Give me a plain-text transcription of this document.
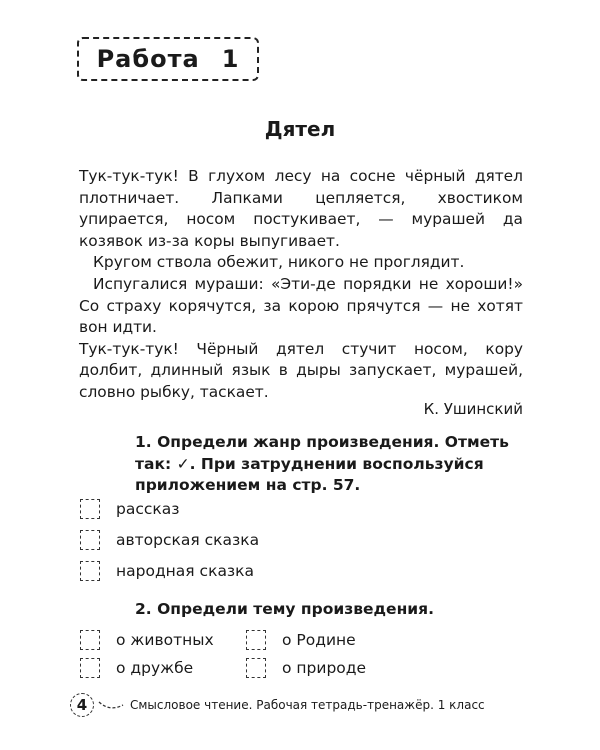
Работа 1
Дятел

Тук-тук-тук! В глухом лесу на сосне чёрный дятел плотничает. Лапками цепляется, хвостиком упирается, носом постукивает, — мурашей да козявок из-за коры выпугивает.

Кругом ствола обежит, никого не проглядит.

Испугалися мураши: «Эти-де порядки не хороши!» Со страху корячутся, за корою прячутся — не хотят вон идти.

Тук-тук-тук! Чёрный дятел стучит носом, кору долбит, длинный язык в дыры запускает, мурашей, словно рыбку, таскает.

К. Ушинский
1. Определи жанр произведения. Отметь так: ✓. При затруднении воспользуйся приложением на стр. 57.
рассказ
авторская сказка
народная сказка
2. Определи тему произведения.
о животных	о Родине
о дружбе	о природе
4	Смысловое чтение. Рабочая тетрадь-тренажёр. 1 класс
